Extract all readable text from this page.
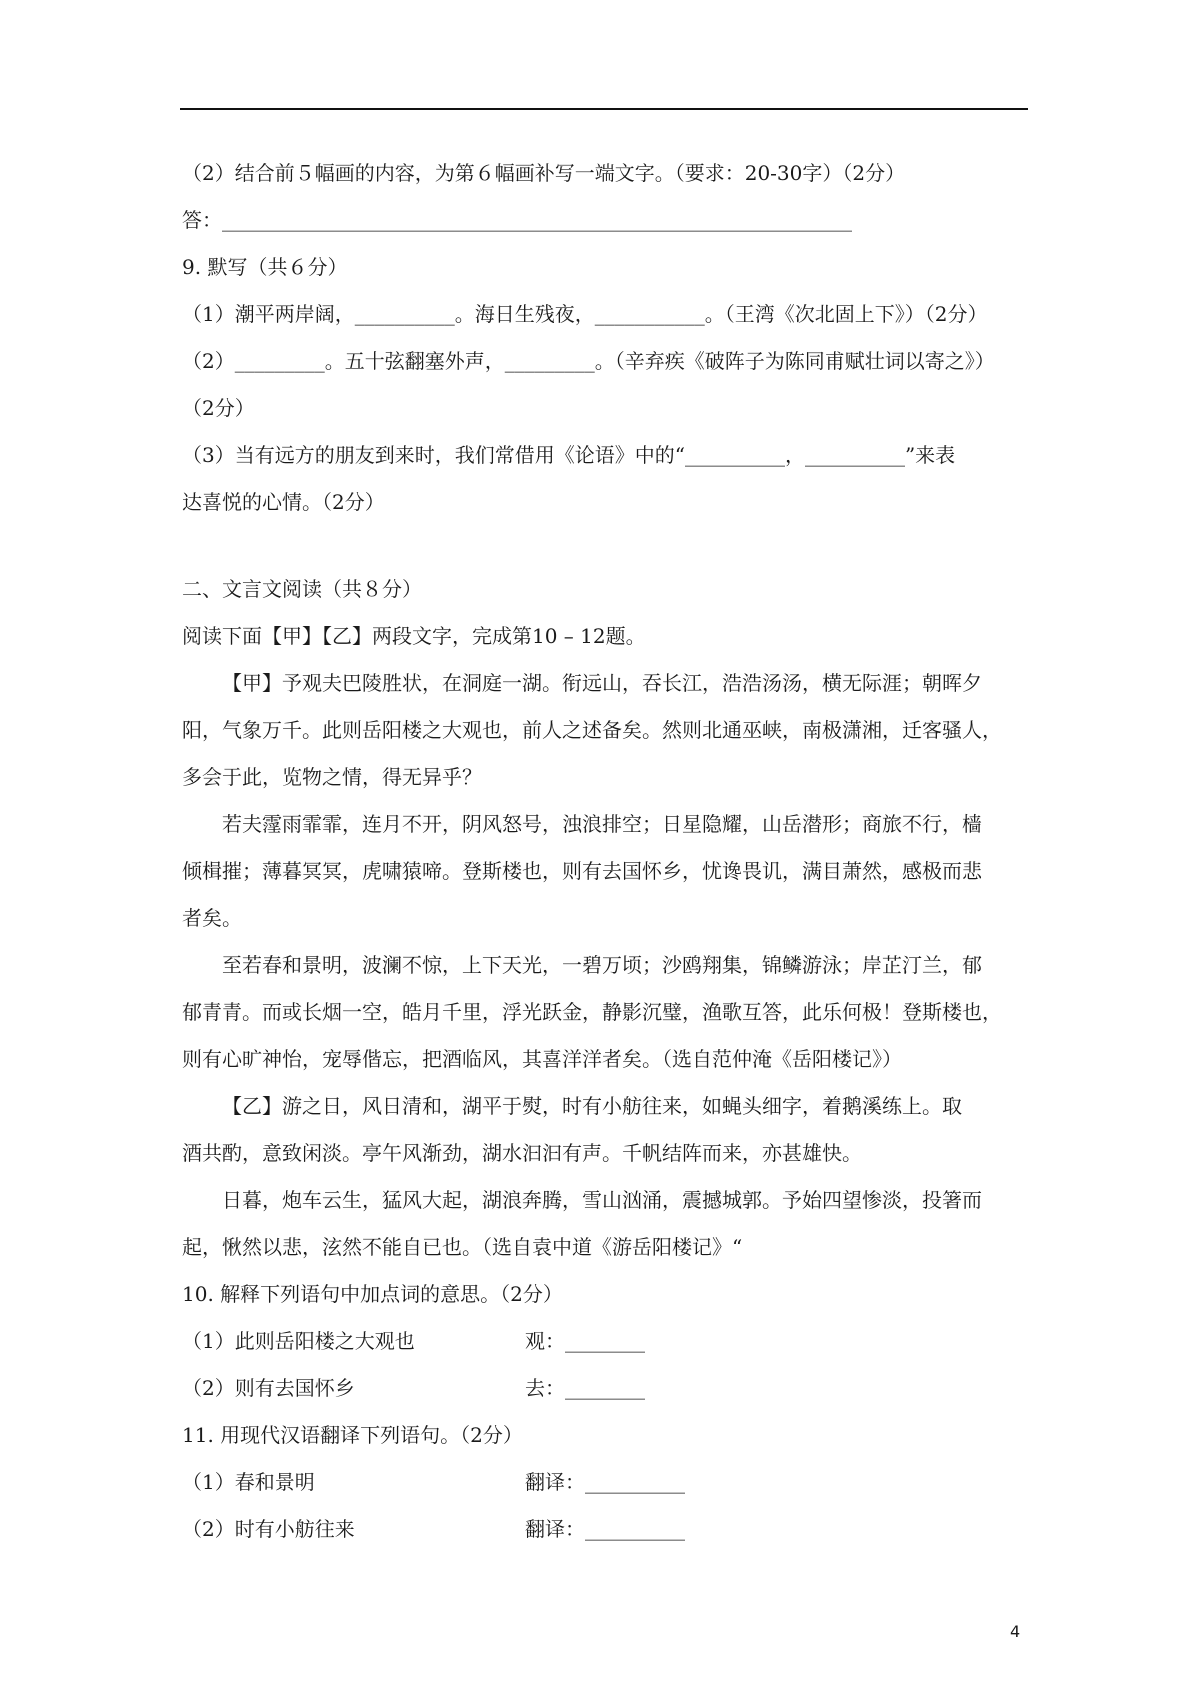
（2）结合前５幅画的内容，为第６幅画补写一端文字。（要求：20-30字）（2分）
答：_______________________________________________________________
9. 默写（共６分）
（1）潮平两岸阔，__________。海日生残夜，___________。（王湾《次北固上下》）（2分）
（2）_________。五十弦翻塞外声，_________。（辛弃疾《破阵子为陈同甫赋壮词以寄之》）
（2分）
（3）当有远方的朋友到来时，我们常借用《论语》中的“__________，__________”来表
达喜悦的心情。（2分）
二、文言文阅读（共８分）
阅读下面【甲】【乙】两段文字，完成第10 – 12题。
【甲】予观夫巴陵胜状，在洞庭一湖。衔远山，吞长江，浩浩汤汤，横无际涯；朝晖夕
阳，气象万千。此则岳阳楼之大观也，前人之述备矣。然则北通巫峡，南极潇湘，迁客骚人，
多会于此，览物之情，得无异乎？
若夫霪雨霏霏，连月不开，阴风怒号，浊浪排空；日星隐耀，山岳潜形；商旅不行，樯
倾楫摧；薄暮冥冥，虎啸猿啼。登斯楼也，则有去国怀乡，忧谗畏讥，满目萧然，感极而悲
者矣。
至若春和景明，波澜不惊，上下天光，一碧万顷；沙鸥翔集，锦鳞游泳；岸芷汀兰，郁
郁青青。而或长烟一空，皓月千里，浮光跃金，静影沉璧，渔歌互答，此乐何极！登斯楼也，
则有心旷神怡，宠辱偕忘，把酒临风，其喜洋洋者矣。（选自范仲淹《岳阳楼记》）
【乙】游之日，风日清和，湖平于熨，时有小舫往来，如蝇头细字，着鹅溪练上。取
酒共酌，意致闲淡。亭午风渐劲，湖水汩汩有声。千帆结阵而来，亦甚雄快。
日暮，炮车云生，猛风大起，湖浪奔腾，雪山汹涌，震撼城郭。予始四望惨淡，投箸而
起，愀然以悲，泫然不能自已也。（选自袁中道《游岳阳楼记》“
10. 解释下列语句中加点词的意思。（2分）
（1）此则岳阳楼之大观也	观：________
（2）则有去国怀乡	去：________
11. 用现代汉语翻译下列语句。（2分）
（1）春和景明	翻译：__________
（2）时有小舫往来	翻译：__________
4
